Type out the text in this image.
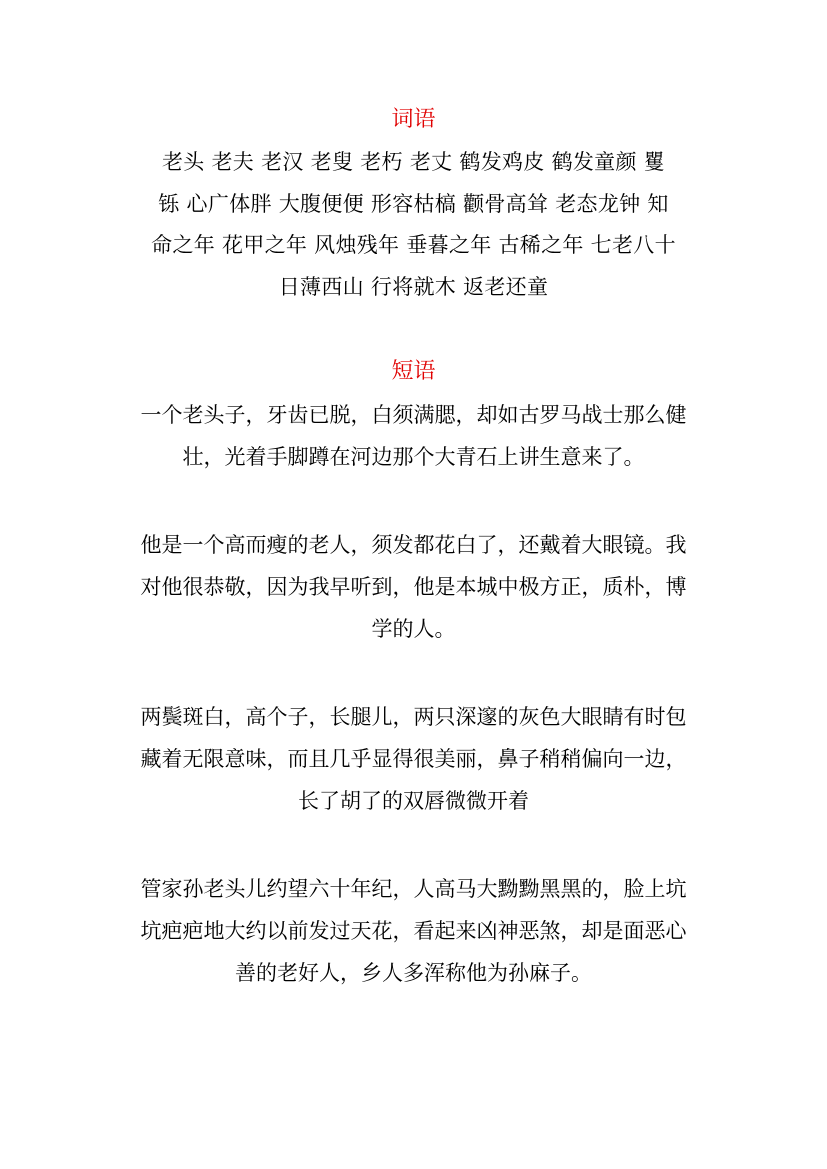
词语
老头 老夫 老汉 老叟 老朽 老丈 鹤发鸡皮 鹤发童颜 矍
铄 心广体胖 大腹便便 形容枯槁 颧骨高耸 老态龙钟 知
命之年 花甲之年 风烛残年 垂暮之年 古稀之年 七老八十
日薄西山 行将就木 返老还童
短语

一个老头子，牙齿已脱，白须满腮，却如古罗马战士那么健
壮，光着手脚蹲在河边那个大青石上讲生意来了。

他是一个高而瘦的老人，须发都花白了，还戴着大眼镜。我
对他很恭敬，因为我早听到，他是本城中极方正，质朴，博
学的人。

两鬓斑白，高个子，长腿儿，两只深邃的灰色大眼睛有时包
藏着无限意味，而且几乎显得很美丽，鼻子稍稍偏向一边，
长了胡了的双唇微微开着

管家孙老头儿约望六十年纪，人高马大黝黝黑黑的，脸上坑
坑疤疤地大约以前发过天花，看起来凶神恶煞，却是面恶心
善的老好人，乡人多浑称他为孙麻子。
